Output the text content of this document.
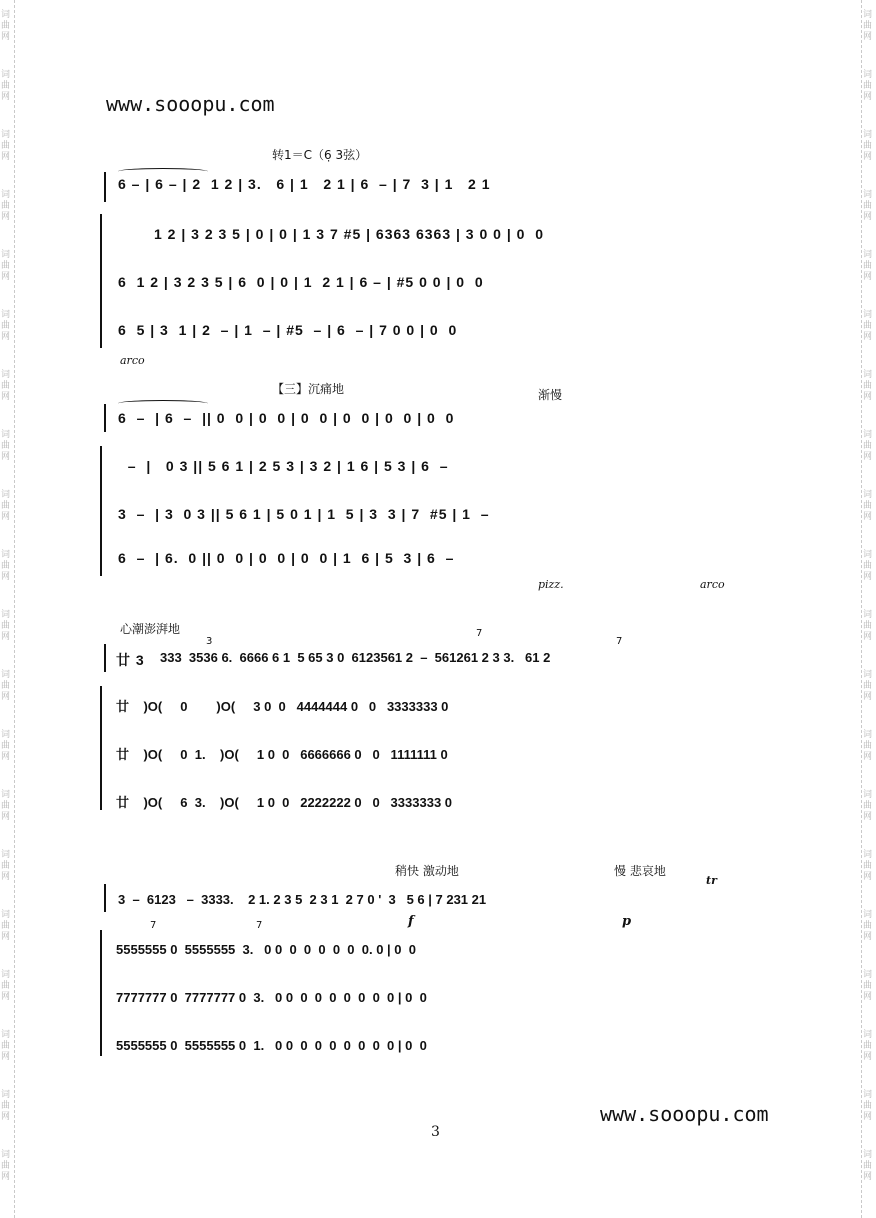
词
曲
网
词
曲
网
词
曲
网
词
曲
网
词
曲
网
词
曲
网
词
曲
网
词
曲
网
词
曲
网
词
曲
网
词
曲
网
词
曲
网
词
曲
网
词
曲
网
词
曲
网
词
曲
网
词
曲
网
词
曲
网
词
曲
网
词
曲
网
词
曲
网
词
曲
网
词
曲
网
词
曲
网
词
曲
网
词
曲
网
词
曲
网
词
曲
网
词
曲
网
词
曲
网
词
曲
网
词
曲
网
词
曲
网
词
曲
网
词
曲
网
词
曲
网
词
曲
网
词
曲
网
词
曲
网
词
曲
网
www.sooopu.com
www.sooopu.com
转1＝C（6̣ 3弦）
6 – | 6 – | 2  1 2 | 3.   6 | 1   2 1 | 6  – | 7  3 | 1   2 1
1 2 | 3 2 3 5 | 0 | 0 | 1 3 7 #5 | 6363 6363 | 3 0 0 | 0  0
6  1 2 | 3 2 3 5 | 6  0 | 0 | 1  2 1 | 6 – | #5 0 0 | 0  0
6  5 | 3  1 | 2  – | 1  – | #5  – | 6  – | 7 0 0 | 0  0
arco
【三】沉痛地	渐慢
6  –  | 6  –  || 0  0 | 0  0 | 0  0 | 0  0 | 0  0 | 0  0
–  |   0 3 || 5 6 1 | 2 5 3 | 3 2 | 1 6 | 5 3 | 6  –
3  –  | 3  0 3 || 5 6 1 | 5 0 1 | 1  5 | 3  3 | 7  #5 | 1  –
6  –  | 6.  0 || 0  0 | 0  0 | 0  0 | 1  6 | 5  3 | 6  –
pizz.	arco
心潮澎湃地
廿 3 333  3536 6.  6666 6 1  5 65 3 0  6123561 2  –  561261 2 3 3.   61 2
廿    )O(     0        )O(     3 0  0   4444444 0   0   3333333 0
廿    )O(     0  1.    )O(     1 0  0   6666666 0   0   1111111 0
廿    )O(     6  3.    )O(     1 0  0   2222222 0   0   3333333 0
7
7
3
稍快 激动地	慢 悲哀地
3  –  6123   –  3333.    2 1. 2 3 5  2 3 1  2 7 0 '  3   5 6 | 7 231 21
5555555 0  5555555  3.   0 0  0  0  0  0  0  0. 0 | 0  0
7777777 0  7777777 0  3.   0 0  0  0  0  0  0  0  0 | 0  0
5555555 0  5555555 0  1.   0 0  0  0  0  0  0  0  0 | 0  0
f	p
tr
7	7
3
